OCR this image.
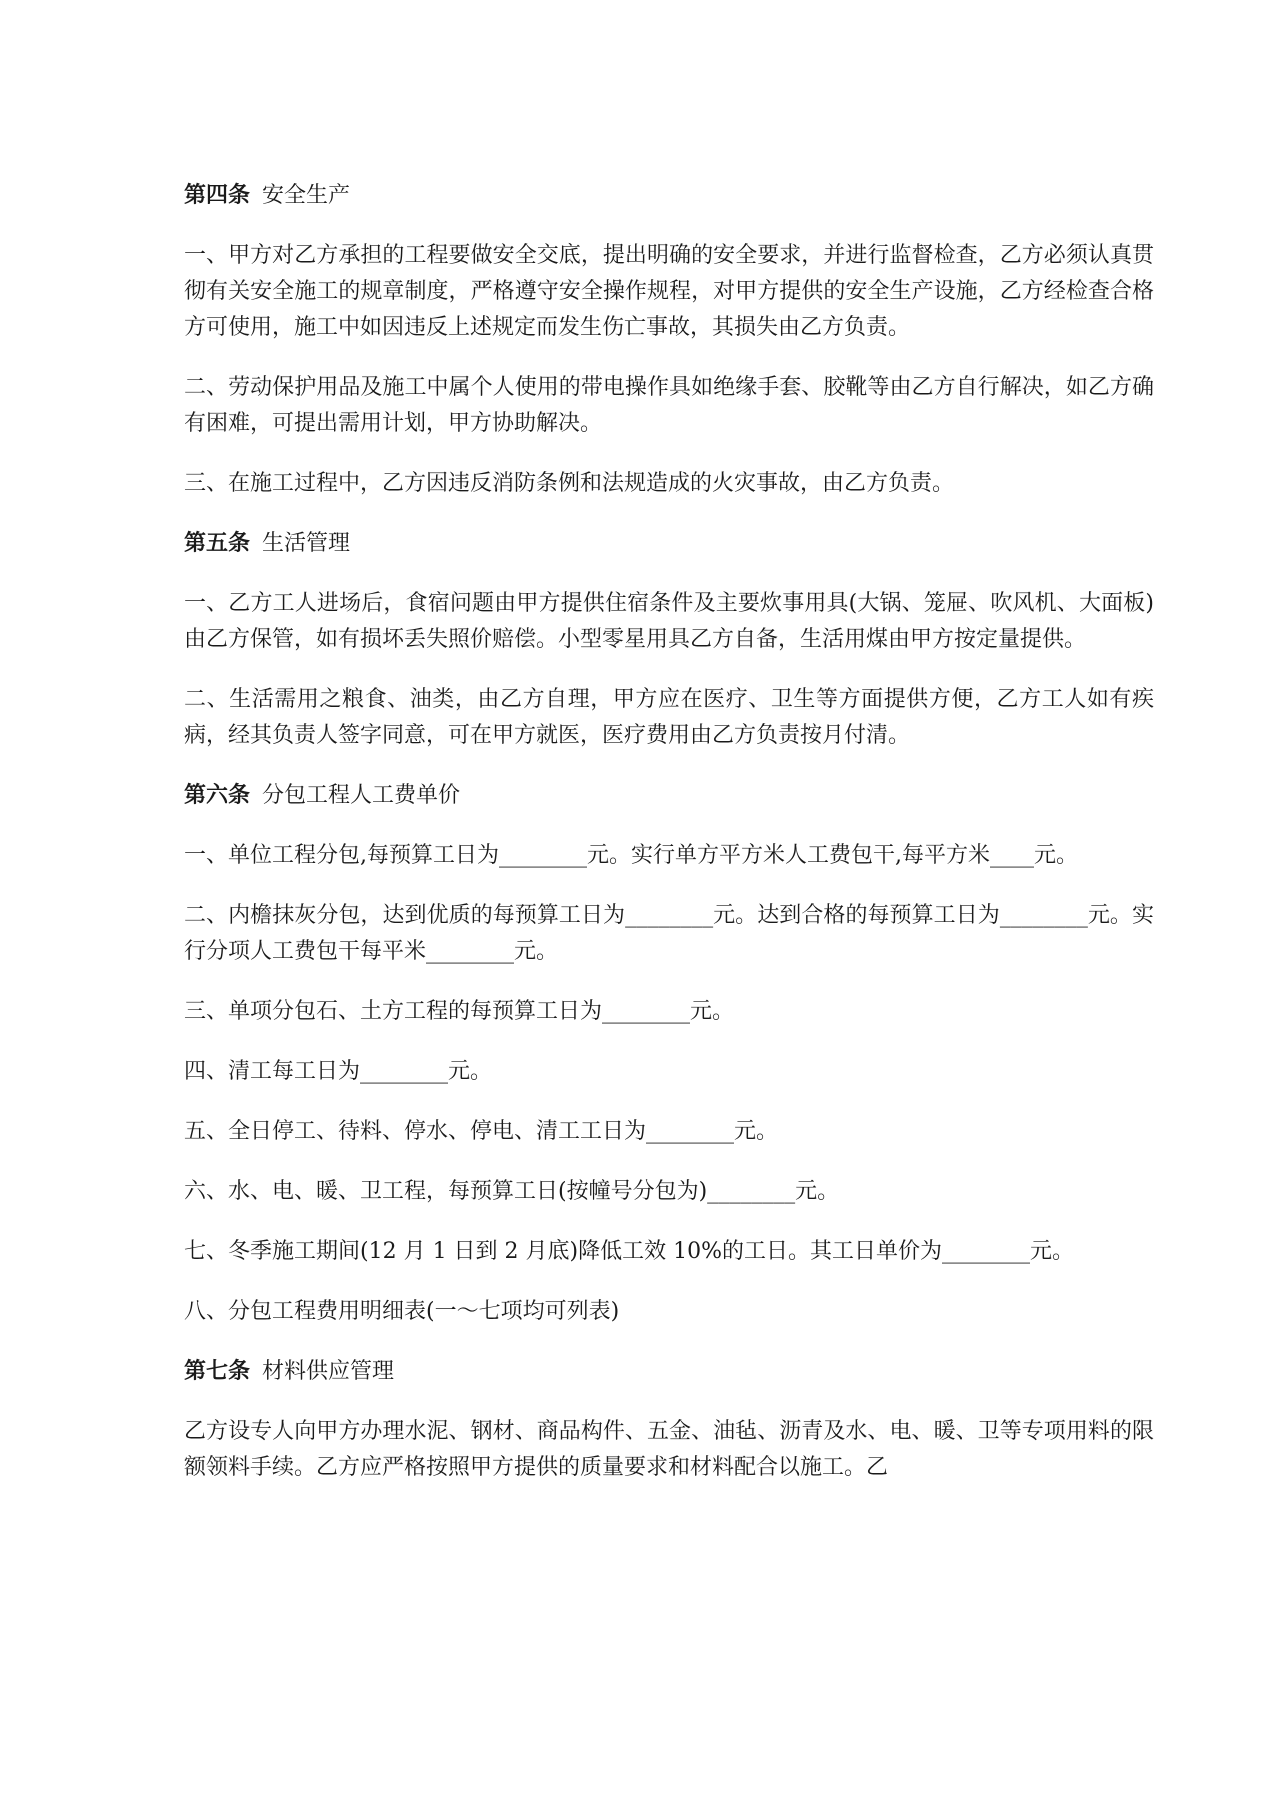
第四条 安全生产

一、甲方对乙方承担的工程要做安全交底，提出明确的安全要求，并进行监督检查，乙方必须认真贯彻有关安全施工的规章制度，严格遵守安全操作规程，对甲方提供的安全生产设施，乙方经检查合格方可使用，施工中如因违反上述规定而发生伤亡事故，其损失由乙方负责。

二、劳动保护用品及施工中属个人使用的带电操作具如绝缘手套、胶靴等由乙方自行解决，如乙方确有困难，可提出需用计划，甲方协助解决。

三、在施工过程中，乙方因违反消防条例和法规造成的火灾事故，由乙方负责。

第五条 生活管理

一、乙方工人进场后，食宿问题由甲方提供住宿条件及主要炊事用具(大锅、笼屉、吹风机、大面板)由乙方保管，如有损坏丢失照价赔偿。小型零星用具乙方自备，生活用煤由甲方按定量提供。

二、生活需用之粮食、油类，由乙方自理，甲方应在医疗、卫生等方面提供方便，乙方工人如有疾病，经其负责人签字同意，可在甲方就医，医疗费用由乙方负责按月付清。

第六条 分包工程人工费单价

一、单位工程分包,每预算工日为________元。实行单方平方米人工费包干,每平方米____元。

二、内檐抹灰分包，达到优质的每预算工日为________元。达到合格的每预算工日为________元。实行分项人工费包干每平米________元。

三、单项分包石、土方工程的每预算工日为________元。

四、清工每工日为________元。

五、全日停工、待料、停水、停电、清工工日为________元。

六、水、电、暖、卫工程，每预算工日(按幢号分包为)________元。

七、冬季施工期间(12 月 1 日到 2 月底)降低工效 10%的工日。其工日单价为________元。

八、分包工程费用明细表(一～七项均可列表)

第七条 材料供应管理

乙方设专人向甲方办理水泥、钢材、商品构件、五金、油毡、沥青及水、电、暖、卫等专项用料的限额领料手续。乙方应严格按照甲方提供的质量要求和材料配合以施工。乙
